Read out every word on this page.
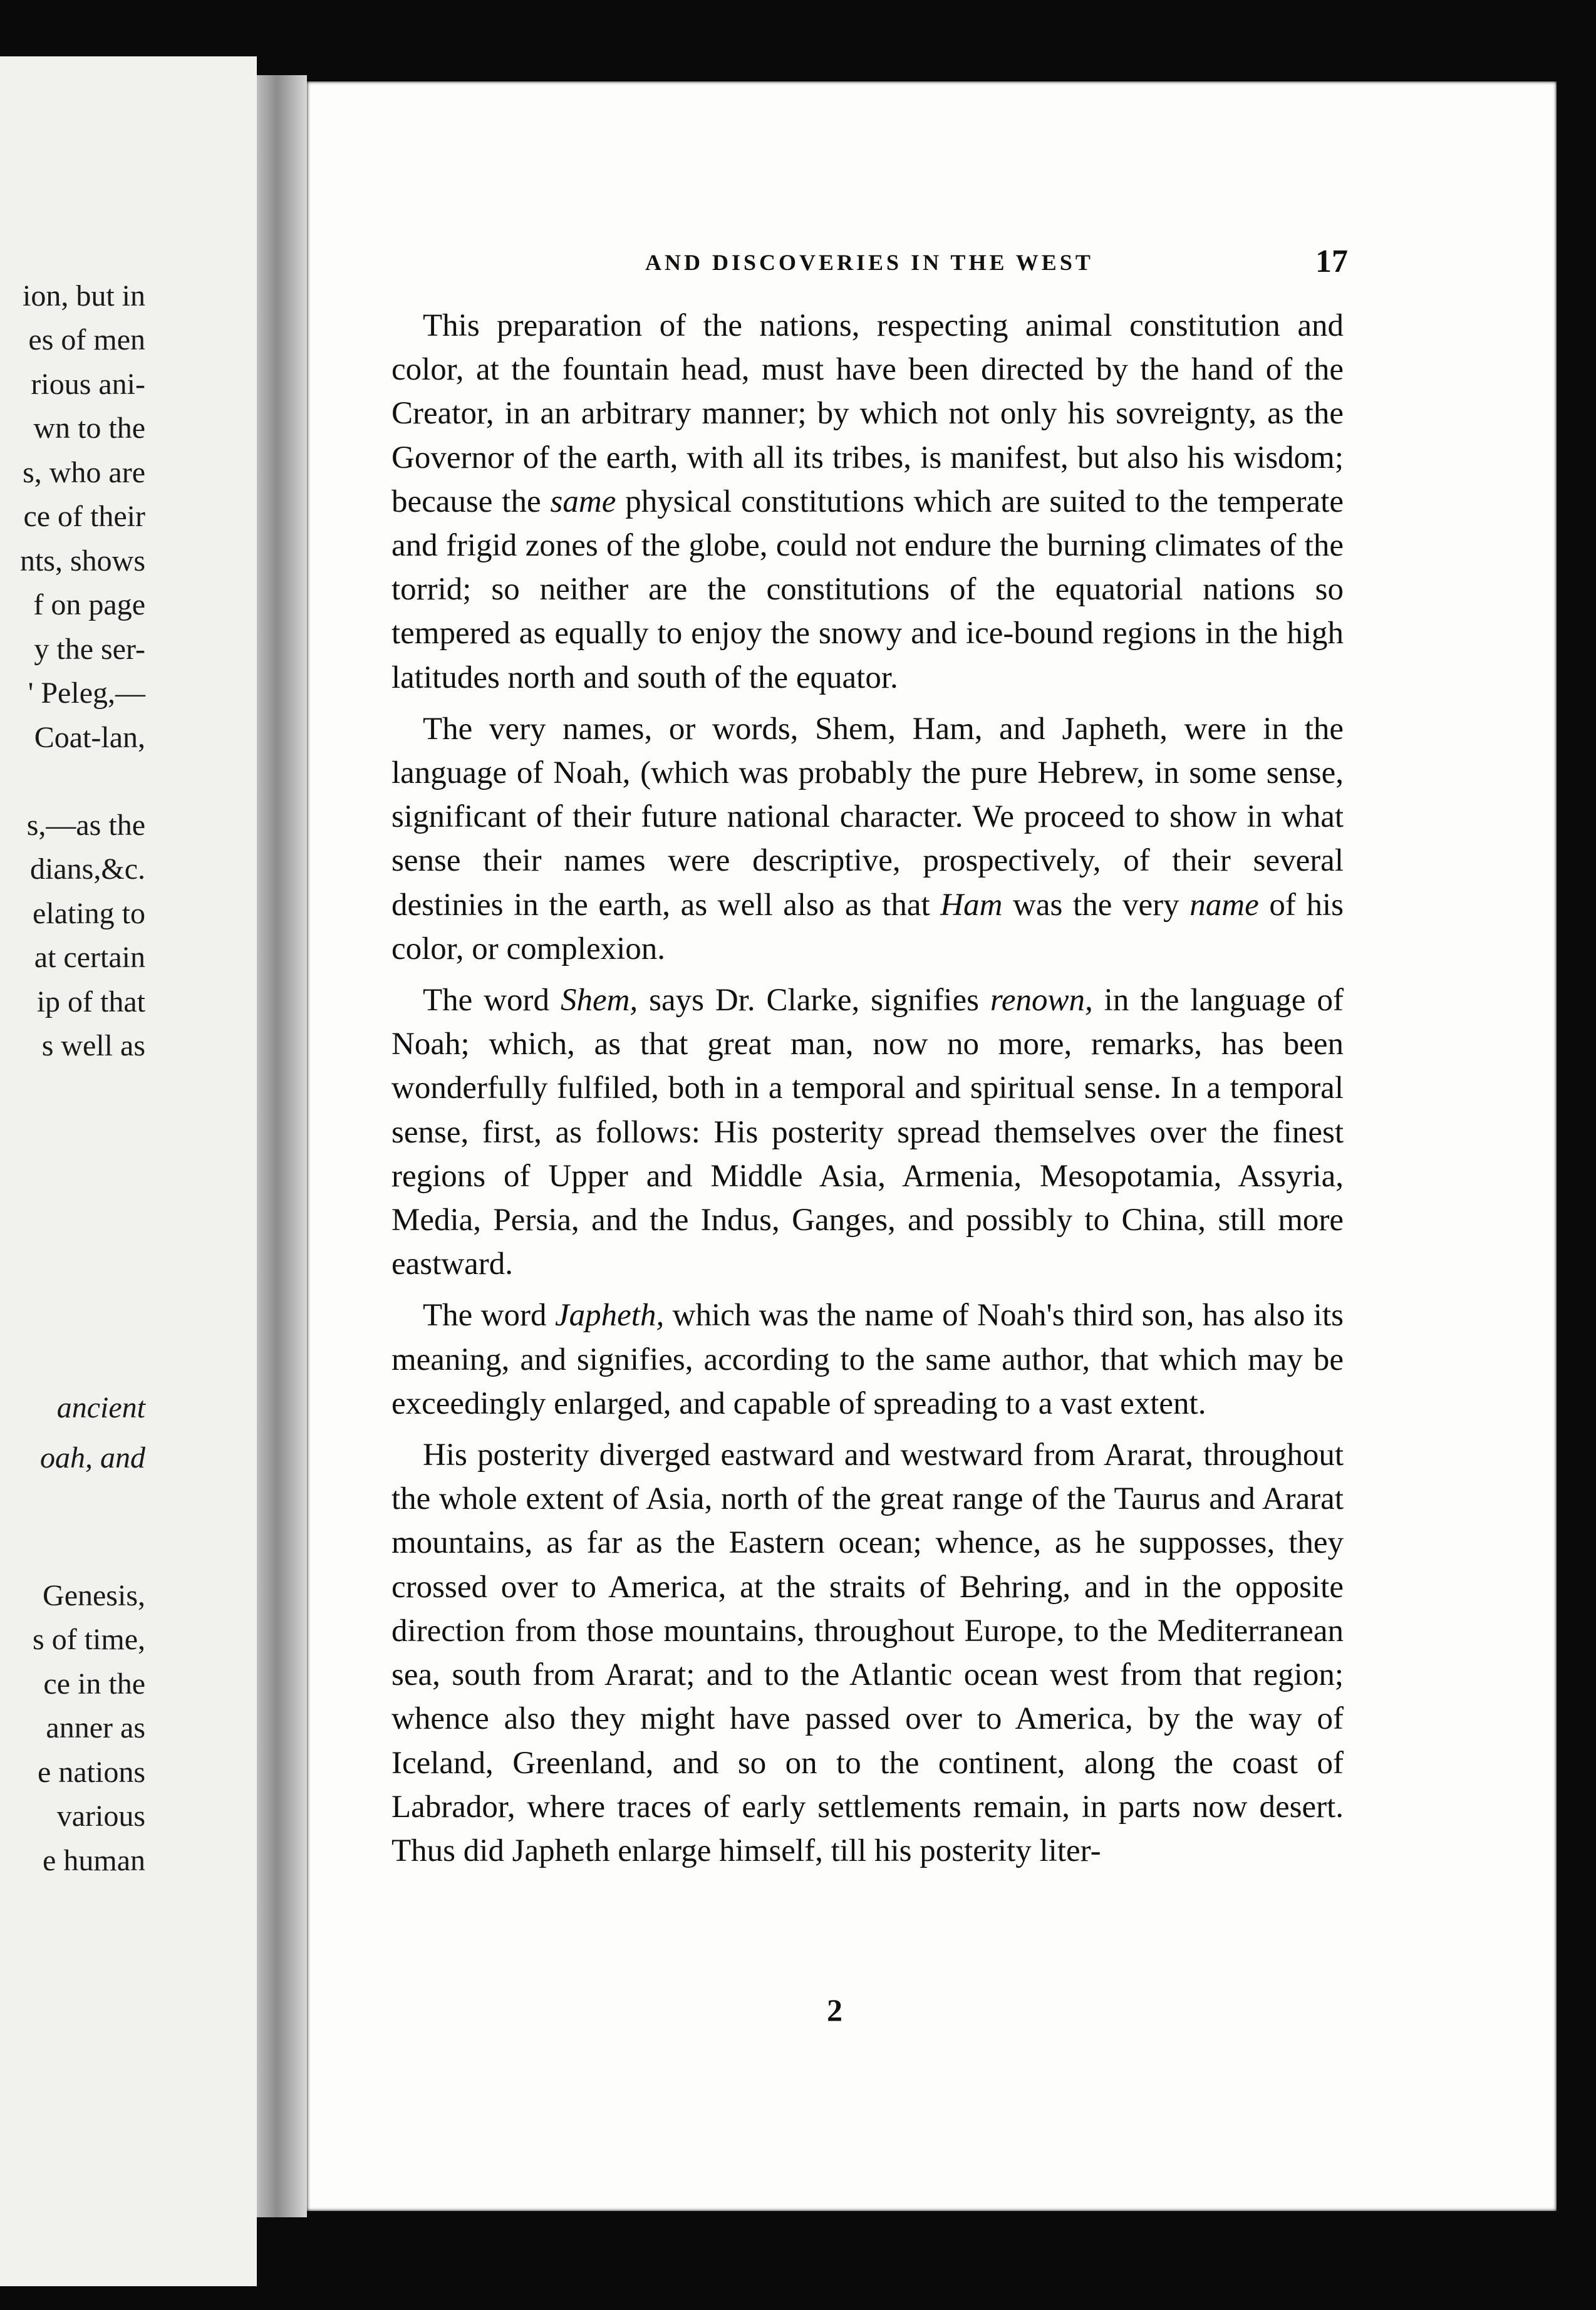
ion, but in
es of men
rious ani-
wn to the
s, who are
ce of their
nts, shows
f on page
y the ser-
' Peleg,—
Coat-lan,
s,—as the
dians,&c.
elating to
at certain
ip of that
s well as
ancient
oah, and
Genesis,
s of time,
ce in the
anner as
e nations
various
e human
AND DISCOVERIES IN THE WEST	17

This preparation of the nations, respecting animal constitution and color, at the fountain head, must have been directed by the hand of the Creator, in an arbitrary manner; by which not only his sovreignty, as the Governor of the earth, with all its tribes, is manifest, but also his wisdom; because the same physical constitutions which are suited to the temperate and frigid zones of the globe, could not endure the burning climates of the torrid; so neither are the constitutions of the equatorial nations so tempered as equally to enjoy the snowy and ice-bound regions in the high latitudes north and south of the equator.

The very names, or words, Shem, Ham, and Japheth, were in the language of Noah, (which was probably the pure Hebrew, in some sense, significant of their future national character. We proceed to show in what sense their names were descriptive, prospectively, of their several destinies in the earth, as well also as that Ham was the very name of his color, or complexion.

The word Shem, says Dr. Clarke, signifies renown, in the language of Noah; which, as that great man, now no more, remarks, has been wonderfully fulfiled, both in a temporal and spiritual sense. In a temporal sense, first, as follows: His posterity spread themselves over the finest regions of Upper and Middle Asia, Armenia, Mesopotamia, Assyria, Media, Persia, and the Indus, Ganges, and possibly to China, still more eastward.

The word Japheth, which was the name of Noah's third son, has also its meaning, and signifies, according to the same author, that which may be exceedingly enlarged, and capable of spreading to a vast extent.

His posterity diverged eastward and westward from Ararat, throughout the whole extent of Asia, north of the great range of the Taurus and Ararat mountains, as far as the Eastern ocean; whence, as he supposses, they crossed over to America, at the straits of Behring, and in the opposite direction from those mountains, throughout Europe, to the Mediterranean sea, south from Ararat; and to the Atlantic ocean west from that region; whence also they might have passed over to America, by the way of Iceland, Greenland, and so on to the continent, along the coast of Labrador, where traces of early settlements remain, in parts now desert. Thus did Japheth enlarge himself, till his posterity liter-

2
